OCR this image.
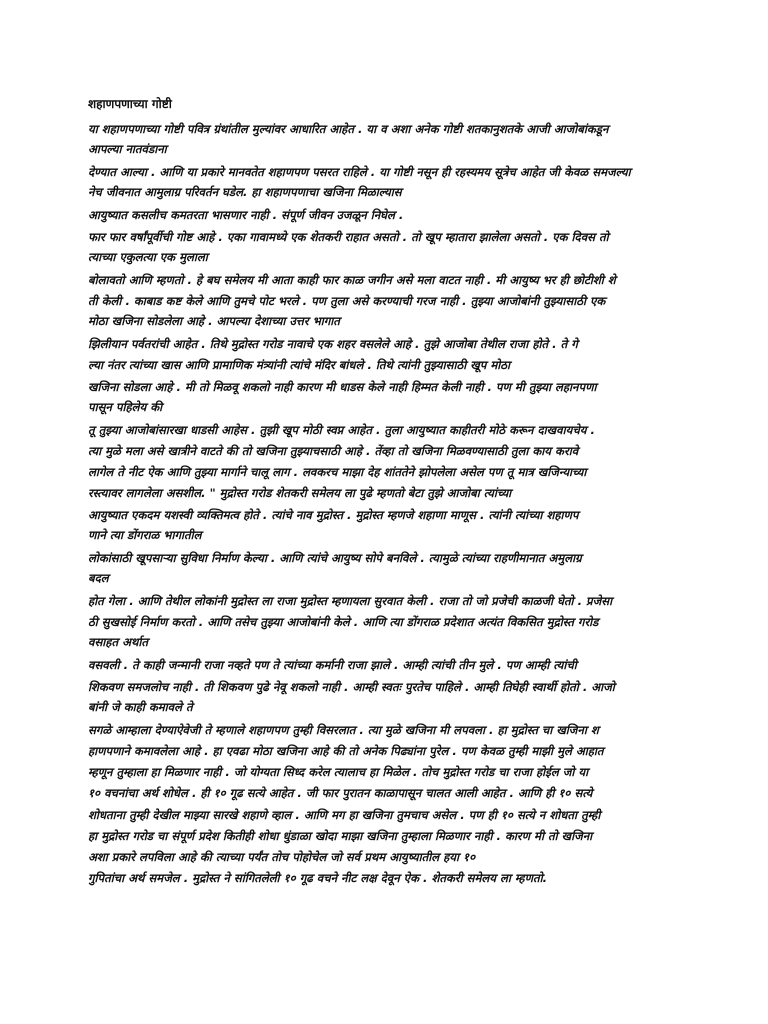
शहाणपणाच्या गोष्टी
या शहाणपणाच्या गोष्टी पवित्र ग्रंथांतील मुल्यांवर आधारित आहेत . या व अशा अनेक गोष्टी शतकानुशतके आजी आजोबांकडून
आपल्या नातवंडाना
देण्यात आल्या . आणि या प्रकारे मानवतेत शहाणपण पसरत राहिले . या गोष्टी नसून ही रहस्यमय सूत्रेच आहेत जी केवळ समजल्या
नेच जीवनात आमुलाग्र परिवर्तन घडेल. हा शहाणपणाचा खजिना मिळाल्यास
आयुष्यात कसलीच कमतरता भासणार नाही . संपूर्ण जीवन उजळून निघेल .
फार फार वर्षांपूर्वीची गोष्ट आहे . एका गावामध्ये एक शेतकरी राहात असतो . तो खूप म्हातारा झालेला असतो . एक दिवस तो
त्याच्या एकुलत्या एक मुलाला
बोलावतो आणि म्हणतो . हे बघ समेलय मी आता काही फार काळ जगीन असे मला वाटत नाही . मी आयुष्य भर ही छोटीशी शे
ती केली . काबाड कष्ट केले आणि तुमचे पोट भरले . पण तुला असे करण्याची गरज नाही . तुझ्या आजोबांनी तुझ्यासाठी एक
मोठा खजिना सोडलेला आहे . आपल्या देशाच्या उत्तर भागात
झिलीयान पर्वतरांची आहेत . तिथे मुद्रोस्त गरोड नावाचे एक शहर वसलेले आहे . तुझे आजोबा तेथील राजा होते . ते गे
ल्या नंतर त्यांच्या खास आणि प्रामाणिक मंत्र्यांनी त्यांचे मंदिर बांधले . तिथे त्यांनी तुझ्यासाठी खूप मोठा
खजिना सोडला आहे . मी तो मिळवू शकलो नाही कारण मी धाडस केले नाही हिम्मत केली नाही . पण मी तुझ्या लहानपणा
पासून पहिलेय की
तू तुझ्या आजोबांसारखा धाडसी आहेस . तुझी खूप मोठी स्वप्न आहेत . तुला आयुष्यात काहीतरी मोठे करून दाखवायचेय .
त्या मुळे मला असे खात्रीने वाटते की तो खजिना तुझ्याचसाठी आहे . तेंव्हा तो खजिना मिळवण्यासाठी तुला काय करावे
लागेल ते नीट ऐक आणि तुझ्या मार्गाने चालू लाग . लवकरच माझा देह शांततेने झोपलेला असेल पण तू मात्र खजिन्याच्या
रस्त्यावर लागलेला असशील. " मुद्रोस्त गरोड शेतकरी समेलय ला पुढे म्हणतो बेटा तुझे आजोबा त्यांच्या
आयुष्यात एकदम यशस्वी व्यक्तिमत्व होते . त्यांचे नाव मुद्रोस्त . मुद्रोस्त म्हणजे शहाणा माणूस . त्यांनी त्यांच्या शहाणप
णाने त्या डोंगराळ भागातील
लोकांसाठी खूपसाऱ्या सुविधा निर्माण केल्या . आणि त्यांचे आयुष्य सोपे बनविले . त्यामुळे त्यांच्या राहणीमानात अमुलाग्र
बदल
होत गेला . आणि तेथील लोकांनी मुद्रोस्त ला राजा मुद्रोस्त म्हणायला सुरवात केली . राजा तो जो प्रजेची काळजी घेतो . प्रजेसा
ठी सुखसोई निर्माण करतो . आणि तसेच तुझ्या आजोबांनी केले . आणि त्या डोंगराळ प्रदेशात अत्यंत विकसित मुद्रोस्त गरोड
वसाहत अर्थात
वसवली . ते काही जन्मानी राजा नव्हते पण ते त्यांच्या कर्मानी राजा झाले . आम्ही त्यांची तीन मुले . पण आम्ही त्यांची
शिकवण समजलोच नाही . ती शिकवण पुढे नेवू शकलो नाही . आम्ही स्वतः पुरतेच पाहिले . आम्ही तिघेही स्वार्थी होतो . आजो
बांनी जे काही कमावले ते
सगळे आम्हाला देण्याऐवेजी ते म्हणाले शहाणपण तुम्ही विसरलात . त्या मुळे खजिना मी लपवला . हा मुद्रोस्त चा खजिना श
हाणपणाने कमावलेला आहे . हा एवढा मोठा खजिना आहे की तो अनेक पिढ्यांना पुरेल . पण केवळ तुम्ही माझी मुले आहात
म्हणून तुम्हाला हा मिळणार नाही . जो योग्यता सिध्द करेल त्यालाच हा मिळेल . तोच मुद्रोस्त गरोड चा राजा होईल जो या
१० वचनांचा अर्थ शोधेल . ही १० गूढ सत्ये आहेत . जी फार पुरातन काळापासून चालत आली आहेत . आणि ही १० सत्ये
शोधताना तुम्ही देखील माझ्या सारखे शहाणे व्हाल . आणि मग हा खजिना तुमचाच असेल . पण ही १० सत्ये न शोधता तुम्ही
हा मुद्रोस्त गरोड चा संपूर्ण प्रदेश कितीही शोधा धुंडाळा खोदा माझा खजिना तुम्हाला मिळणार नाही . कारण मी तो खजिना
अशा प्रकारे लपविला आहे की त्याच्या पर्यंत तोच पोहोचेल जो सर्व प्रथम आयुष्यातील हया १०
गुपितांचा अर्थ समजेल . मुद्रोस्त ने सांगितलेली १० गूढ वचने नीट लक्ष देवून ऐक . शेतकरी समेलय ला म्हणतो.
